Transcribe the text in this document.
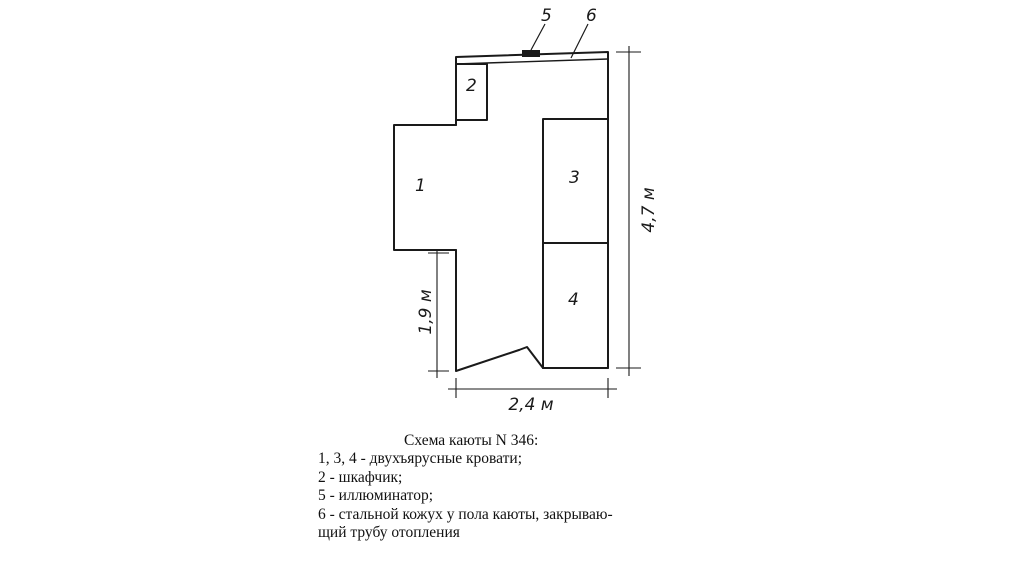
1
2
3
4
5 6
4,7 м
1,9 м
2,4 м
Схема каюты N 346:
1, 3, 4 - двухъярусные кровати;
2 - шкафчик;
5 - иллюминатор;
6 - стальной кожух у пола каюты, закрываю-
щий трубу отопления
